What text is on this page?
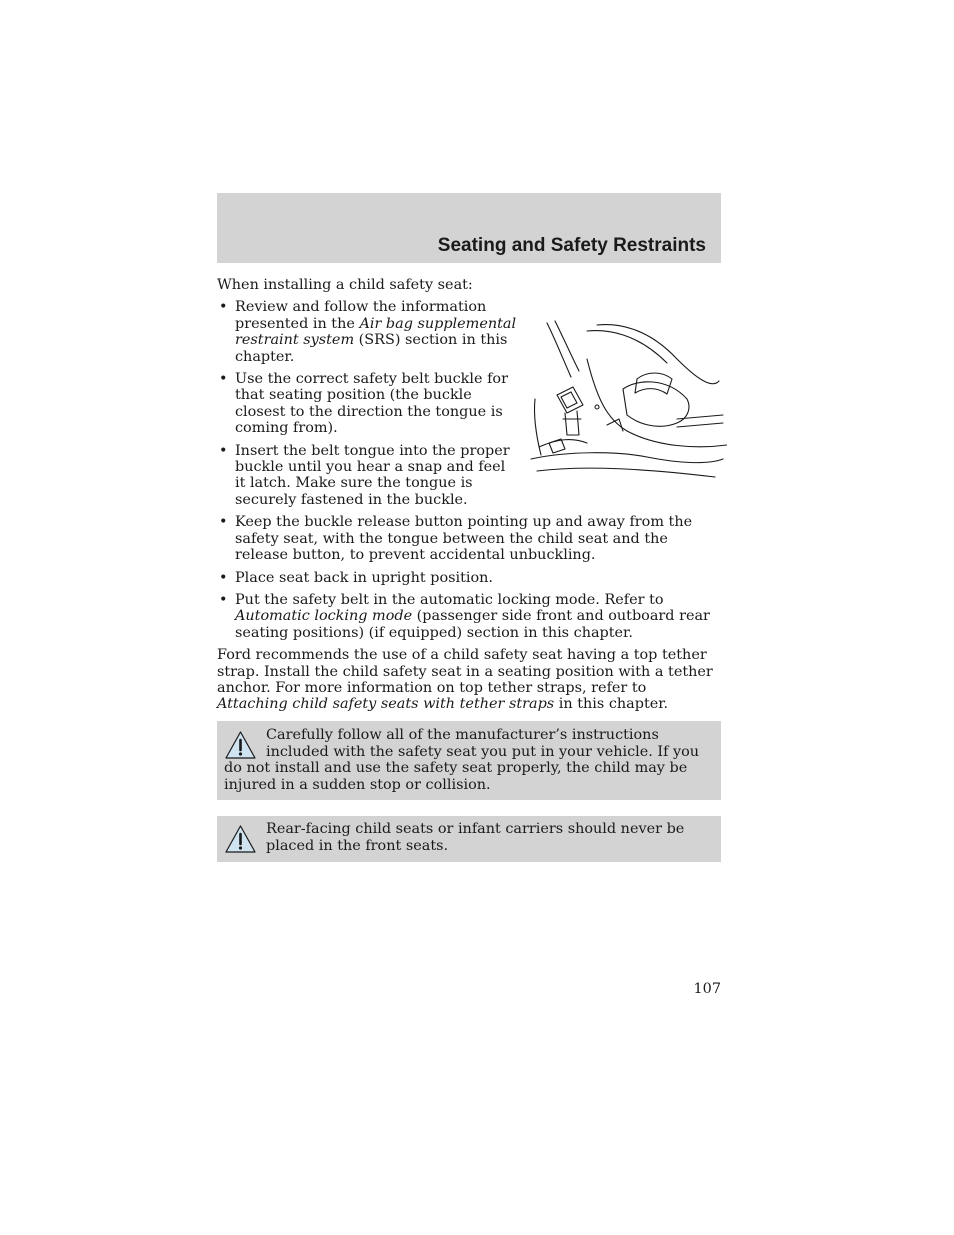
Seating and Safety Restraints

When installing a child safety seat:

• Review and follow the information presented in the Air bag supplemental restraint system (SRS) section in this chapter.
• Use the correct safety belt buckle for that seating position (the buckle closest to the direction the tongue is coming from).
• Insert the belt tongue into the proper buckle until you hear a snap and feel it latch. Make sure the tongue is securely fastened in the buckle.
• Keep the buckle release button pointing up and away from the safety seat, with the tongue between the child seat and the release button, to prevent accidental unbuckling.
• Place seat back in upright position.
• Put the safety belt in the automatic locking mode. Refer to Automatic locking mode (passenger side front and outboard rear seating positions) (if equipped) section in this chapter.

Ford recommends the use of a child safety seat having a top tether strap. Install the child safety seat in a seating position with a tether anchor. For more information on top tether straps, refer to Attaching child safety seats with tether straps in this chapter.

Carefully follow all of the manufacturer’s instructions included with the safety seat you put in your vehicle. If you do not install and use the safety seat properly, the child may be injured in a sudden stop or collision.
Rear-facing child seats or infant carriers should never be placed in the front seats.
107
